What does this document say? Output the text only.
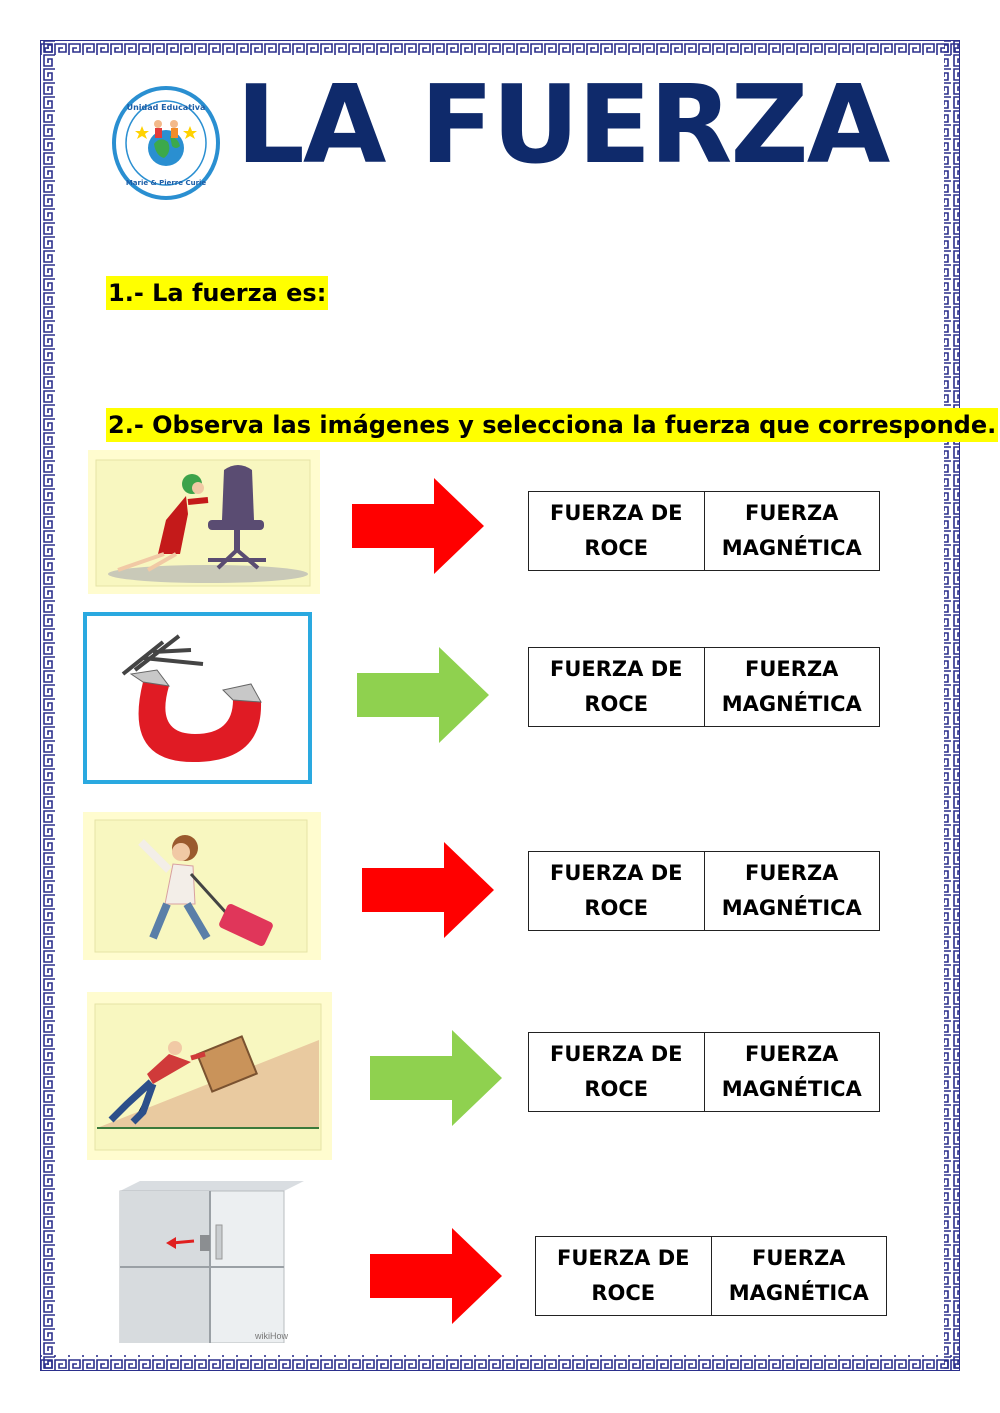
Unidad Educativa
Marie & Pierre Curie LA FUERZA
1.- La fuerza es:
2.- Observa las imágenes y selecciona la fuerza que corresponde.
wikiHow
FUERZA DE
ROCE
FUERZA
MAGNÉTICA
FUERZA DE
ROCE
FUERZA
MAGNÉTICA
FUERZA DE
ROCE
FUERZA
MAGNÉTICA
FUERZA DE
ROCE
FUERZA
MAGNÉTICA
FUERZA DE
ROCE
FUERZA
MAGNÉTICA
